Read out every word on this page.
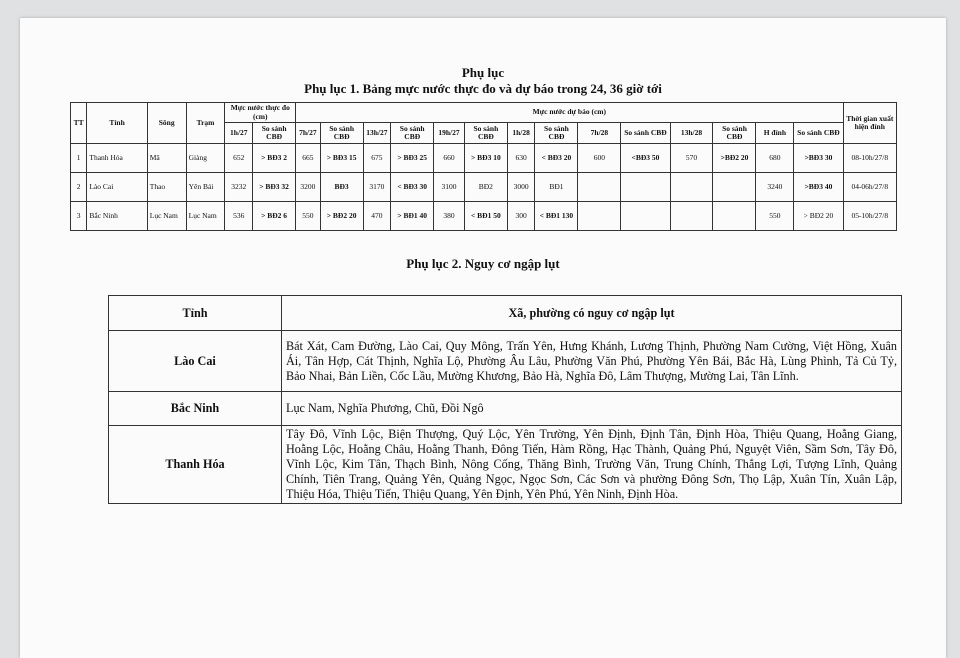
Phụ lục
Phụ lục 1. Bảng mực nước thực đo và dự báo trong 24, 36 giờ tới
TT	Tỉnh	Sông	Trạm	Mực nước thực đo (cm)		Mực nước dự báo (cm)														Thời gian xuất hiện đỉnh
				1h/27	So sánh CBĐ	7h/27	So sánh CBĐ	13h/27	So sánh CBĐ	19h/27	So sánh CBĐ	1h/28	So sánh CBĐ	7h/28	So sánh CBĐ	13h/28	So sánh CBĐ	H đỉnh	So sánh CBĐ	
1	Thanh Hóa	Mã	Giàng	652	> BĐ3 2	665	> BĐ3 15	675	> BĐ3 25	660	> BĐ3 10	630	< BĐ3 20	600	<BĐ3 50	570	>BĐ2 20	680	>BĐ3 30	08-10h/27/8
2	Lào Cai	Thao	Yên Bái	3232	> BĐ3 32	3200	BĐ3	3170	< BĐ3 30	3100	BĐ2	3000	BĐ1					3240	>BĐ3 40	04-06h/27/8
3	Bắc Ninh	Lục Nam	Lục Nam	536	> BĐ2 6	550	> BĐ2 20	470	> BĐ1 40	380	< BĐ1 50	300	< BĐ1 130					550	> BĐ2 20	05-10h/27/8
Phụ lục 2. Nguy cơ ngập lụt
Tỉnh	Xã, phường có nguy cơ ngập lụt
Lào Cai	Bát Xát, Cam Đường, Lào Cai, Quy Mông, Trấn Yên, Hưng Khánh, Lương Thịnh, Phường Nam Cường, Việt Hồng, Xuân Ái, Tân Hợp, Cát Thịnh, Nghĩa Lộ, Phường Âu Lâu, Phường Văn Phú, Phường Yên Bái, Bắc Hà, Lùng Phình, Tả Củ Tỷ, Bảo Nhai, Bản Liền, Cốc Lầu, Mường Khương, Bảo Hà, Nghĩa Đô, Lâm Thượng, Mường Lai, Tân Lĩnh.
Bắc Ninh	Lục Nam, Nghĩa Phương, Chũ, Đồi Ngô
Thanh Hóa	Tây Đô, Vĩnh Lộc, Biện Thượng, Quý Lộc, Yên Trường, Yên Định, Định Tân, Định Hòa, Thiệu Quang, Hoằng Giang, Hoằng Lộc, Hoằng Châu, Hoằng Thanh, Đông Tiến, Hàm Rồng, Hạc Thành, Quảng Phú, Nguyệt Viên, Sầm Sơn, Tây Đô, Vĩnh Lộc, Kim Tân, Thạch Bình, Nông Cống, Thăng Bình, Trường Văn, Trung Chính, Thắng Lợi, Tượng Lĩnh, Quảng Chính, Tiên Trang, Quảng Yên, Quảng Ngọc, Ngọc Sơn, Các Sơn và phường Đông Sơn, Thọ Lập, Xuân Tín, Xuân Lập, Thiệu Hóa, Thiệu Tiến, Thiệu Quang, Yên Định, Yên Phú, Yên Ninh, Định Hòa.
